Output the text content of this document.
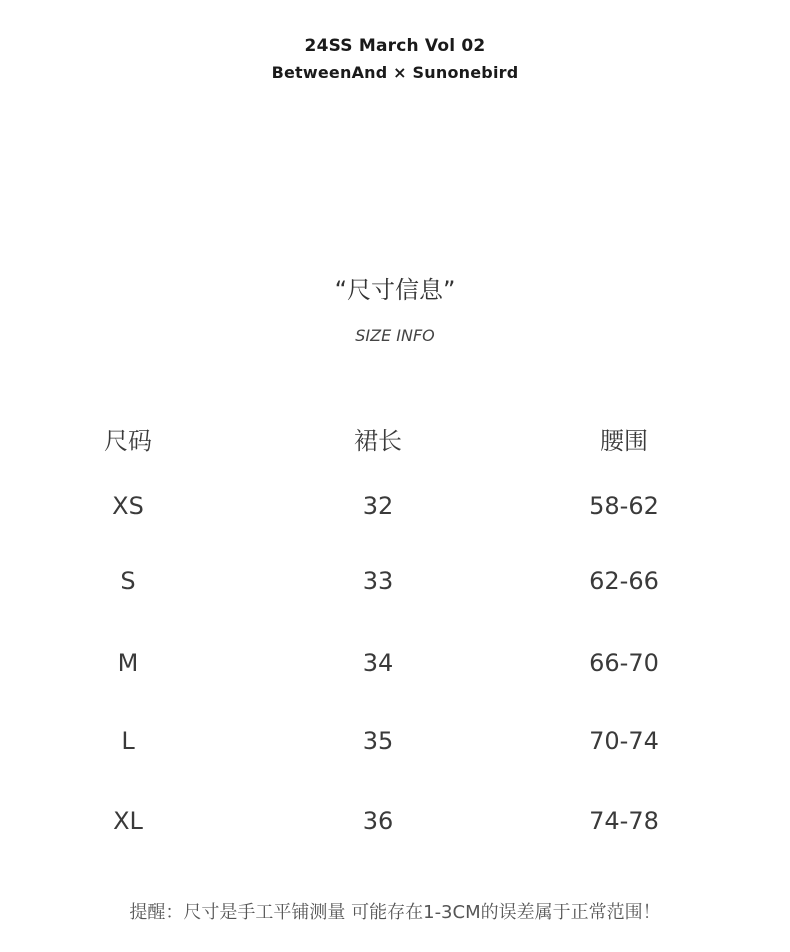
24SS March Vol 02
BetweenAnd × Sunonebird
“尺寸信息”
SIZE INFO
尺码	裙长	腰围
XS	32	58-62
S	33	62-66
M	34	66-70
L	35	70-74
XL	36	74-78
提醒：尺寸是手工平铺测量 可能存在1-3CM的误差属于正常范围！
